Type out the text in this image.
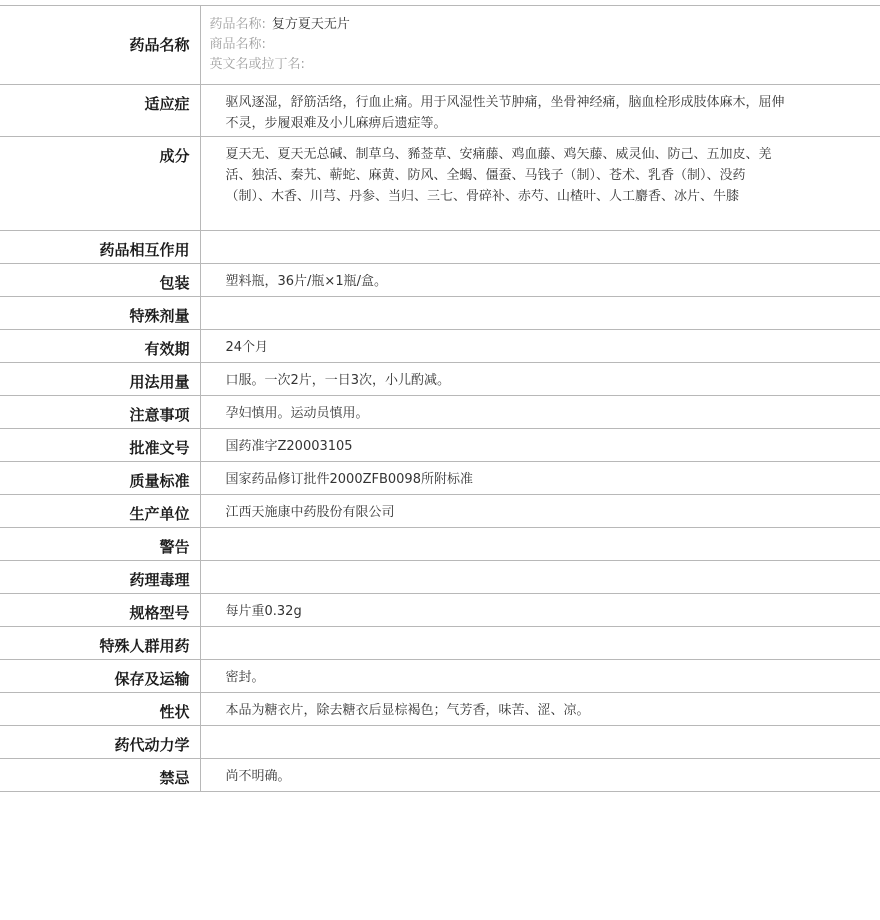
药品名称	药品名称: 复方夏天无片
商品名称:
英文名或拉丁名:

适应症	驱风逐湿，舒筋活络，行血止痛。用于风湿性关节肿痛，坐骨神经痛，脑血栓形成肢体麻木，屈伸不灵，步履艰难及小儿麻痹后遗症等。
成分	夏天无、夏天无总碱、制草乌、豨莶草、安痛藤、鸡血藤、鸡矢藤、威灵仙、防己、五加皮、羌活、独活、秦艽、蕲蛇、麻黄、防风、全蝎、僵蚕、马钱子（制）、苍术、乳香（制）、没药（制）、木香、川芎、丹参、当归、三七、骨碎补、赤芍、山楂叶、人工麝香、冰片、牛膝
药品相互作用	
包装	塑料瓶，36片/瓶×1瓶/盒。
特殊剂量	
有效期	24个月
用法用量	口服。一次2片，一日3次，小儿酌减。
注意事项	孕妇慎用。运动员慎用。
批准文号	国药准字Z20003105
质量标准	国家药品修订批件2000ZFB0098所附标准
生产单位	江西天施康中药股份有限公司
警告	
药理毒理	
规格型号	每片重0.32g
特殊人群用药	
保存及运输	密封。
性状	本品为糖衣片，除去糖衣后显棕褐色；气芳香，味苦、涩、凉。
药代动力学	
禁忌	尚不明确。
